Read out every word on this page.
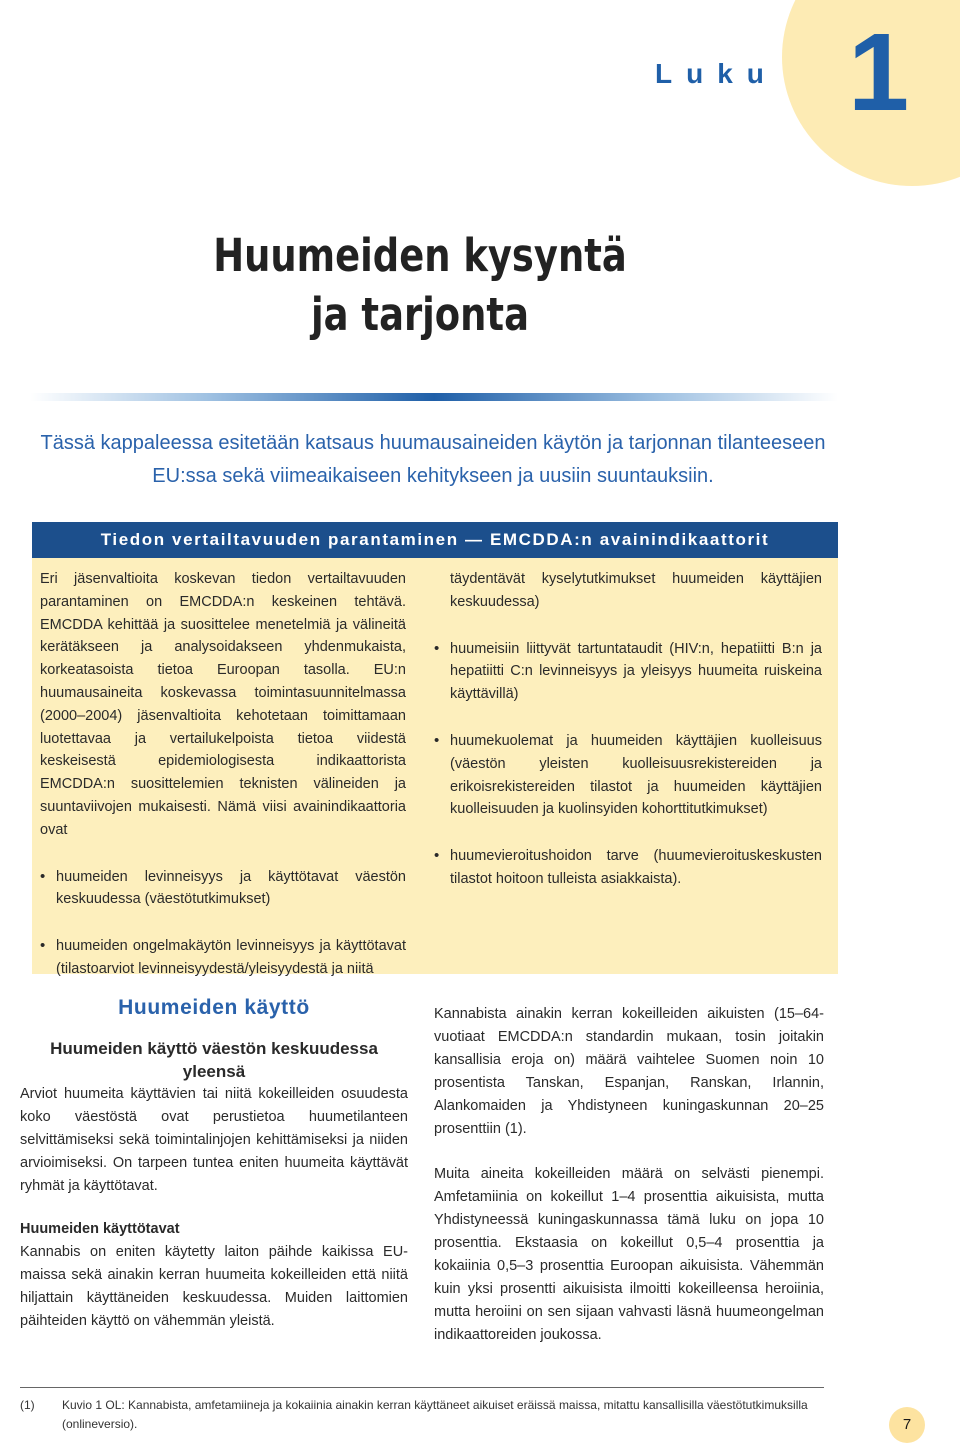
Luku 1
Huumeiden kysyntä
ja tarjonta
Tässä kappaleessa esitetään katsaus huumausaineiden käytön ja tarjonnan tilanteeseen
EU:ssa sekä viimeaikaiseen kehitykseen ja uusiin suuntauksiin.
Tiedon vertailtavuuden parantaminen — EMCDDA:n avainindikaattorit

Eri jäsenvaltioita koskevan tiedon vertailtavuuden parantaminen on EMCDDA:n keskeinen tehtävä. EMCDDA kehittää ja suosittelee menetelmiä ja välineitä kerätäkseen ja analysoidakseen yhdenmukaista, korkeatasoista tietoa Euroopan tasolla. EU:n huumausaineita koskevassa toimintasuunnitelmassa (2000–2004) jäsenvaltioita kehotetaan toimittamaan luotettavaa ja vertailukelpoista tietoa viidestä keskeisestä epidemiologisesta indikaattorista EMCDDA:n suosittelemien teknisten välineiden ja suuntaviivojen mukaisesti. Nämä viisi avainindikaattoria ovat

• huumeiden levinneisyys ja käyttötavat väestön keskuudessa (väestötutkimukset)
• huumeiden ongelmakäytön levinneisyys ja käyttötavat (tilastoarviot levinneisyydestä/yleisyydestä ja niitä

täydentävät kyselytutkimukset huumeiden käyttäjien keskuudessa)

• huumeisiin liittyvät tartuntataudit (HIV:n, hepatiitti B:n ja hepatiitti C:n levinneisyys ja yleisyys huumeita ruiskeina käyttävillä)
• huumekuolemat ja huumeiden käyttäjien kuolleisuus (väestön yleisten kuolleisuusrekistereiden ja erikoisrekistereiden tilastot ja huumeiden käyttäjien kuolleisuuden ja kuolinsyiden kohorttitutkimukset)
• huumevieroitushoidon tarve (huumevieroituskeskusten tilastot hoitoon tulleista asiakkaista).
Huumeiden käyttö
Huumeiden käyttö väestön keskuudessa yleensä

Arviot huumeita käyttävien tai niitä kokeilleiden osuudesta koko väestöstä ovat perustietoa huumetilanteen selvittämiseksi sekä toimintalinjojen kehittämiseksi ja niiden arvioimiseksi. On tarpeen tuntea eniten huumeita käyttävät ryhmät ja käyttötavat.

Huumeiden käyttötavat

Kannabis on eniten käytetty laiton päihde kaikissa EU-maissa sekä ainakin kerran huumeita kokeilleiden että niitä hiljattain käyttäneiden keskuudessa. Muiden laittomien päihteiden käyttö on vähemmän yleistä.

Kannabista ainakin kerran kokeilleiden aikuisten (15–64-vuotiaat EMCDDA:n standardin mukaan, tosin joitakin kansallisia eroja on) määrä vaihtelee Suomen noin 10 prosentista Tanskan, Espanjan, Ranskan, Irlannin, Alankomaiden ja Yhdistyneen kuningaskunnan 20–25 prosenttiin (1).

Muita aineita kokeilleiden määrä on selvästi pienempi. Amfetamiinia on kokeillut 1–4 prosenttia aikuisista, mutta Yhdistyneessä kuningaskunnassa tämä luku on jopa 10 prosenttia. Ekstaasia on kokeillut 0,5–4 prosenttia ja kokaiinia 0,5–3 prosenttia Euroopan aikuisista. Vähemmän kuin yksi prosentti aikuisista ilmoitti kokeilleensa heroiinia, mutta heroiini on sen sijaan vahvasti läsnä huumeongelman indikaattoreiden joukossa.

(1) Kuvio 1 OL: Kannabista, amfetamiineja ja kokaiinia ainakin kerran käyttäneet aikuiset eräissä maissa, mitattu kansallisilla väestötutkimuksilla (onlineversio).	7
